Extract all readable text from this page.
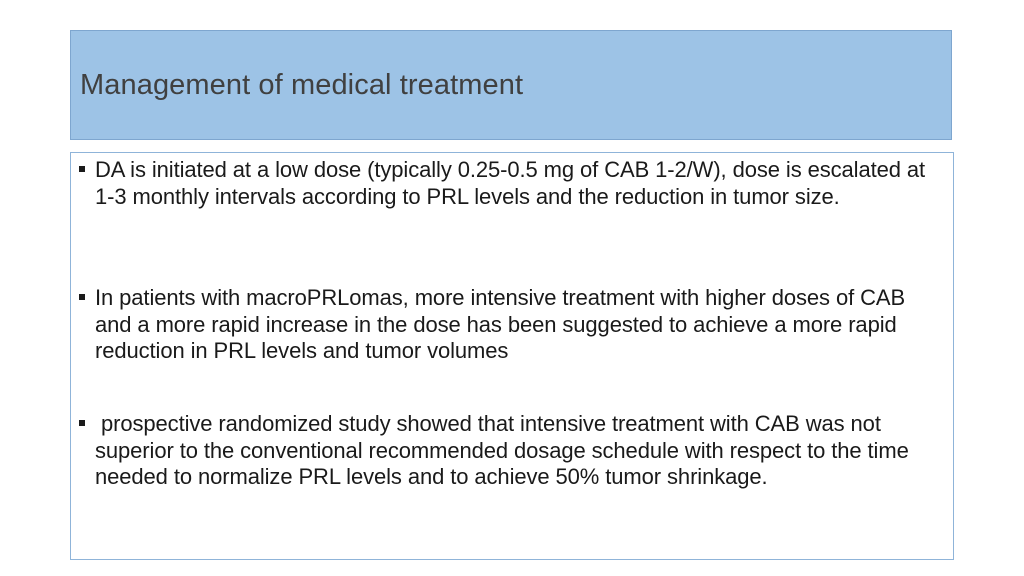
Management of medical treatment
DA is initiated at a low dose (typically 0.25-0.5 mg of CAB 1-2/W), dose is escalated at 1-3 monthly intervals according to PRL levels and the reduction in tumor size.
In patients with macroPRLomas, more intensive treatment with higher doses of CAB and a more rapid increase in the dose has been suggested to achieve a more rapid reduction in PRL levels and tumor volumes
prospective randomized study showed that intensive treatment with CAB was not superior to the conventional recommended dosage schedule with respect to the time needed to normalize PRL levels and to achieve 50% tumor shrinkage.
